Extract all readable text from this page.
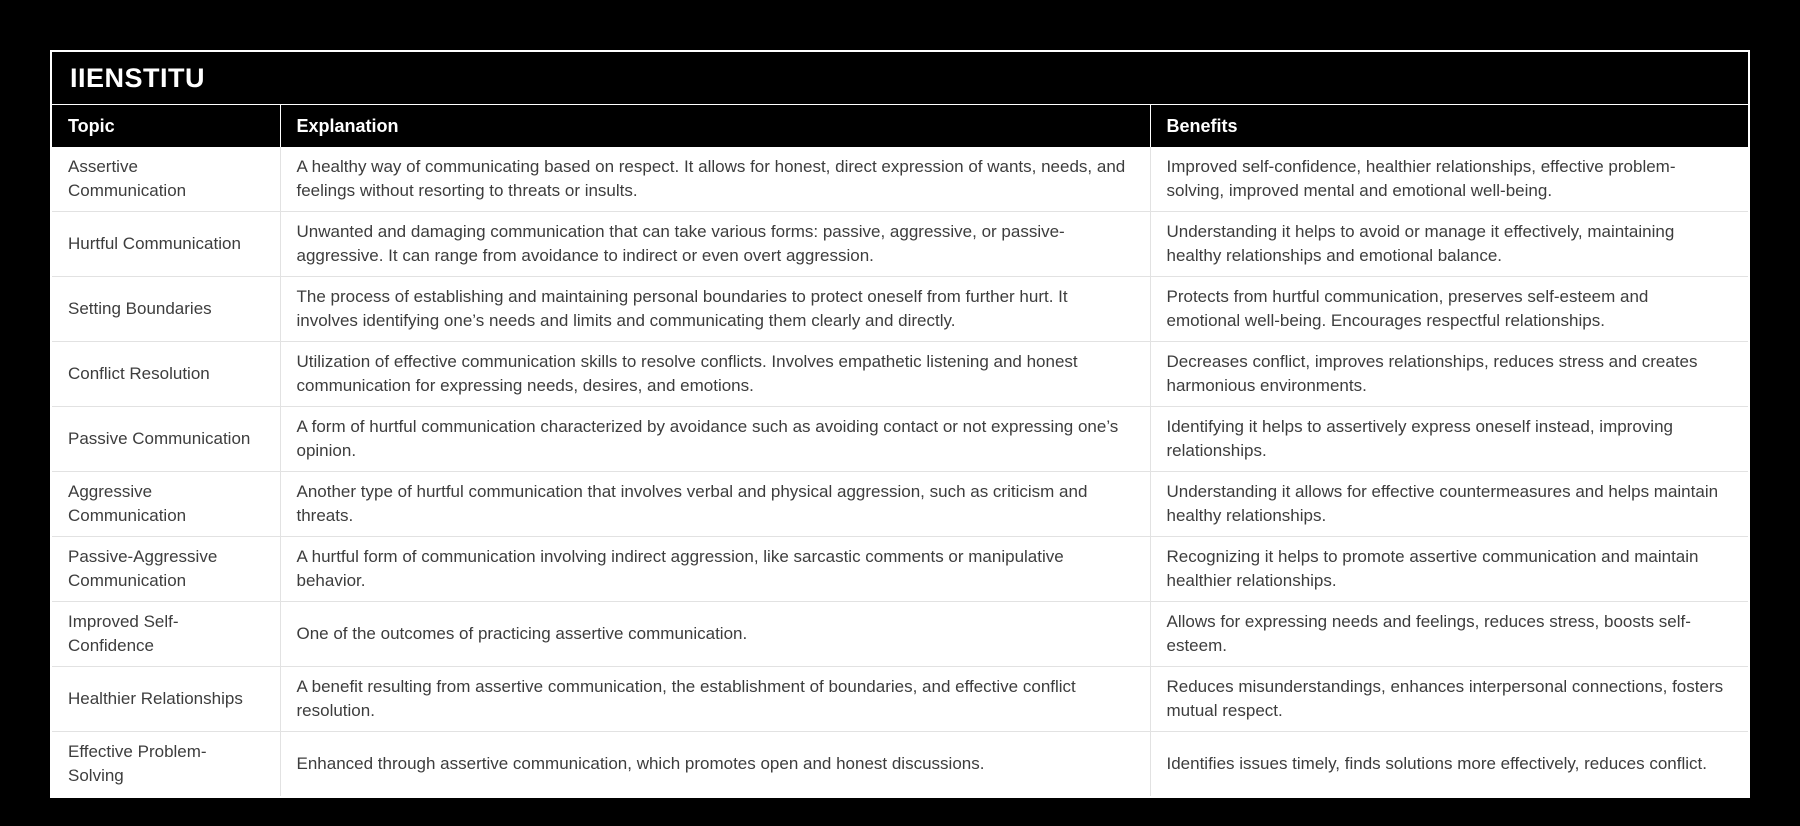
IIENSTITU
Topic	Explanation	Benefits
Assertive Communication	A healthy way of communicating based on respect. It allows for honest, direct expression of wants, needs, and feelings without resorting to threats or insults.	Improved self-confidence, healthier relationships, effective problem-solving, improved mental and emotional well-being.
Hurtful Communication	Unwanted and damaging communication that can take various forms: passive, aggressive, or passive-aggressive. It can range from avoidance to indirect or even overt aggression.	Understanding it helps to avoid or manage it effectively, maintaining healthy relationships and emotional balance.
Setting Boundaries	The process of establishing and maintaining personal boundaries to protect oneself from further hurt. It involves identifying one’s needs and limits and communicating them clearly and directly.	Protects from hurtful communication, preserves self-esteem and emotional well-being. Encourages respectful relationships.
Conflict Resolution	Utilization of effective communication skills to resolve conflicts. Involves empathetic listening and honest communication for expressing needs, desires, and emotions.	Decreases conflict, improves relationships, reduces stress and creates harmonious environments.
Passive Communication	A form of hurtful communication characterized by avoidance such as avoiding contact or not expressing one’s opinion.	Identifying it helps to assertively express oneself instead, improving relationships.
Aggressive Communication	Another type of hurtful communication that involves verbal and physical aggression, such as criticism and threats.	Understanding it allows for effective countermeasures and helps maintain healthy relationships.
Passive-Aggressive Communication	A hurtful form of communication involving indirect aggression, like sarcastic comments or manipulative behavior.	Recognizing it helps to promote assertive communication and maintain healthier relationships.
Improved Self-Confidence	One of the outcomes of practicing assertive communication.	Allows for expressing needs and feelings, reduces stress, boosts self-esteem.
Healthier Relationships	A benefit resulting from assertive communication, the establishment of boundaries, and effective conflict resolution.	Reduces misunderstandings, enhances interpersonal connections, fosters mutual respect.
Effective Problem-Solving	Enhanced through assertive communication, which promotes open and honest discussions.	Identifies issues timely, finds solutions more effectively, reduces conflict.
